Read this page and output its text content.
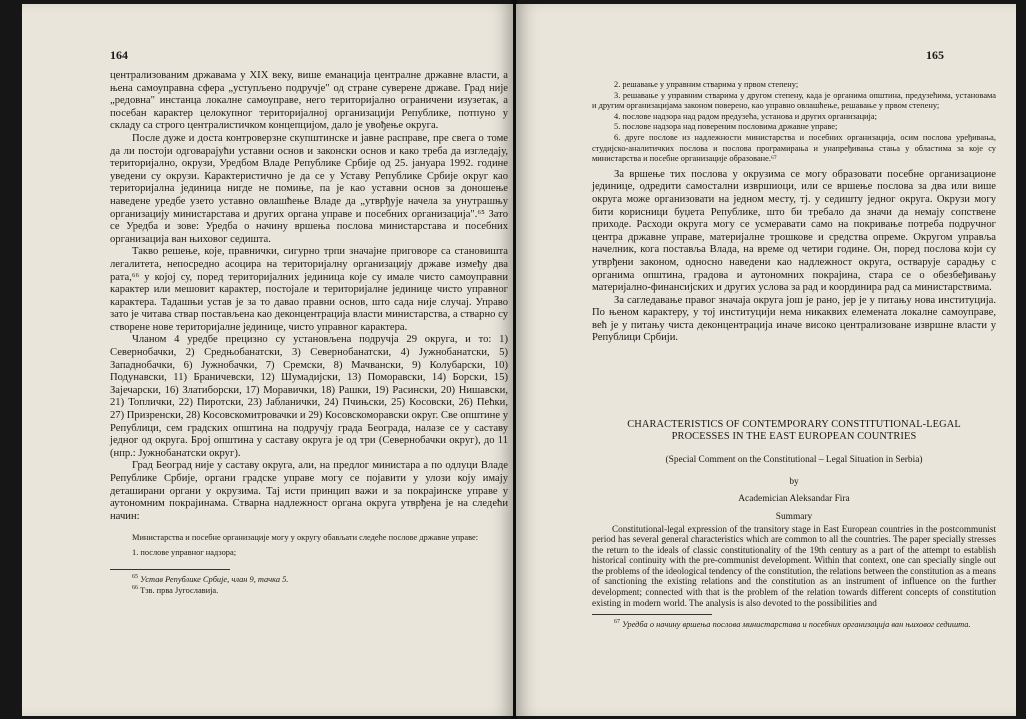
164

централизованим државама у XIX веку, више еманација централне државне власти, а њена самоуправна сфера „уступљено подручје" од стране суверене државе. Град није „редовна" инстанца локалне самоуправе, него територијално ограничени изузетак, а посебан карактер целокупног територијалној организацији Републике, потпуно у складу са строго централистичком концепцијом, дало је увођење округа.

После дуже и доста контроверзне скупштинске и јавне расправе, пре свега о томе да ли постоји одговарајући уставни основ и законски основ и како треба да изгледају, територијално, окрузи, Уредбом Владе Републике Србије од 25. јануара 1992. године уведени су окрузи. Карактеристично је да се у Уставу Републике Србије округ као територијална јединица нигде не помиње, па је као уставни основ за доношење наведене уредбе узето уставно овлашћење Владе да „утврђује начела за унутрашњу организацију министарстава и других органа управе и посебних организација".⁶⁵ Зато се Уредба и зове: Уредба о начину вршења послова министарстава и посебних организација ван њиховог седишта.

Такво решење, које, правнички, сигурно трпи значајне приговоре са становишта легалитета, непосредно асоцира на територијалну организацију државе између два рата,⁶⁶ у којој су, поред територијалних јединица које су имале чисто самоуправни карактер или мешовит карактер, постојале и територијалне јединице чисто управног карактера. Тадашњи устав је за то давао правни основ, што сада није случај. Управо зато је читава ствар постављена као деконцентрација власти министарства, а стварно су створене нове територијалне јединице, чисто управног карактера.

Чланом 4 уредбе прецизно су установљена подручја 29 округа, и то: 1) Севернобачки, 2) Средњобанатски, 3) Севернобанатски, 4) Јужнобанатски, 5) Западнобачки, 6) Јужнобачки, 7) Сремски, 8) Мачвански, 9) Колубарски, 10) Подунавски, 11) Браничевски, 12) Шумадијски, 13) Поморавски, 14) Борски, 15) Зајечарски, 16) Златиборски, 17) Моравички, 18) Рашки, 19) Расински, 20) Нишавски, 21) Топлички, 22) Пиротски, 23) Јабланички, 24) Пчињски, 25) Косовски, 26) Пећки, 27) Призренски, 28) Косовскомитровачки и 29) Косовскоморавски округ. Све општине у Републици, сем градских општина на подручју града Београда, налазе се у саставу једног од округа. Број општина у саставу округа је од три (Севернобачки округ), до 11 (нпр.: Јужнобанатски округ).

Град Београд није у саставу округа, али, на предлог министара а по одлуци Владе Републике Србије, органи градске управе могу се појавити у улози коју имају деташирани органи у окрузима. Тај исти принцип важи и за покрајинске управе у аутономним покрајинама. Стварна надлежност органа округа утврђена је на следећи начин:

Министарства и посебне организације могу у округу обављати следеће послове државне управе:

1. послове управног надзора;

$^{65}$ Устав Републике Србије, члан 9, тачка 5.

$^{66}$ Тзв. прва Југославија.

165

2. решавање у управним стварима у првом степену;

3. решавање у управним стварима у другом степену, када је органима општина, предузећима, установама и другим организацијама законом поверено, као управно овлашћење, решавање у првом степену;

4. послове надзора над радом предузећа, установа и других организација;

5. послове надзора над повереним пословима државне управе;

6. друге послове из надлежности министарства и посебних организација, осим послова уређивања, студијско-аналитичких послова и послова програмирања и унапређивања стања у областима за које су министарства и посебне организације образоване.⁶⁷

За вршење тих послова у окрузима се могу образовати посебне организационе јединице, одредити самостални извршиоци, или се вршење послова за два или више округа може организовати на једном месту, тј. у седишту једног округа. Окрузи могу бити корисници буџета Републике, што би требало да значи да немају сопствене приходе. Расходи округа могу се усмеравати само на покривање потреба подручног центра државне управе, материјалне трошкове и средства опреме. Округом управља начелник, кога поставља Влада, на време од четири године. Он, поред послова који су утврђени законом, односно наведени као надлежност округа, остварује сарадњу с органима општина, градова и аутономних покрајина, стара се о обезбеђивању материјално-финансијских и других услова за рад и координира рад са министарствима.

За сагледавање правог значаја округа још је рано, јер је у питању нова институција. По њеном карактеру, у тој институцији нема никаквих елемената локалне самоуправе, већ је у питању чиста деконцентрација иначе високо централизоване извршне власти у Републици Србији.

CHARACTERISTICS OF CONTEMPORARY CONSTITUTIONAL-LEGAL
PROCESSES IN THE EAST EUROPEAN COUNTRIES
(Special Comment on the Constitutional – Legal Situation in Serbia)
by
Academician Aleksandar Fira
Summary

Constitutional-legal expression of the transitory stage in East European countries in the postcommunist period has several general characteristics which are common to all the countries. The paper specially stresses the return to the ideals of classic constitutionality of the 19th century as a part of the attempt to establish historical continuity with the pre-communist development. Within that context, one can specially single out the problems of the ideological tendency of the constitution, the relations between the constitution as a means of sanctioning the existing relations and the constitution as an instrument of influence on the further development; connected with that is the problem of the relation towards different concepts of constitution existing in modern world. The analysis is also devoted to the possibilities and

$^{67}$ Уредба о начину вршења послова министарстава и посебних организација ван њиховог седишта.
